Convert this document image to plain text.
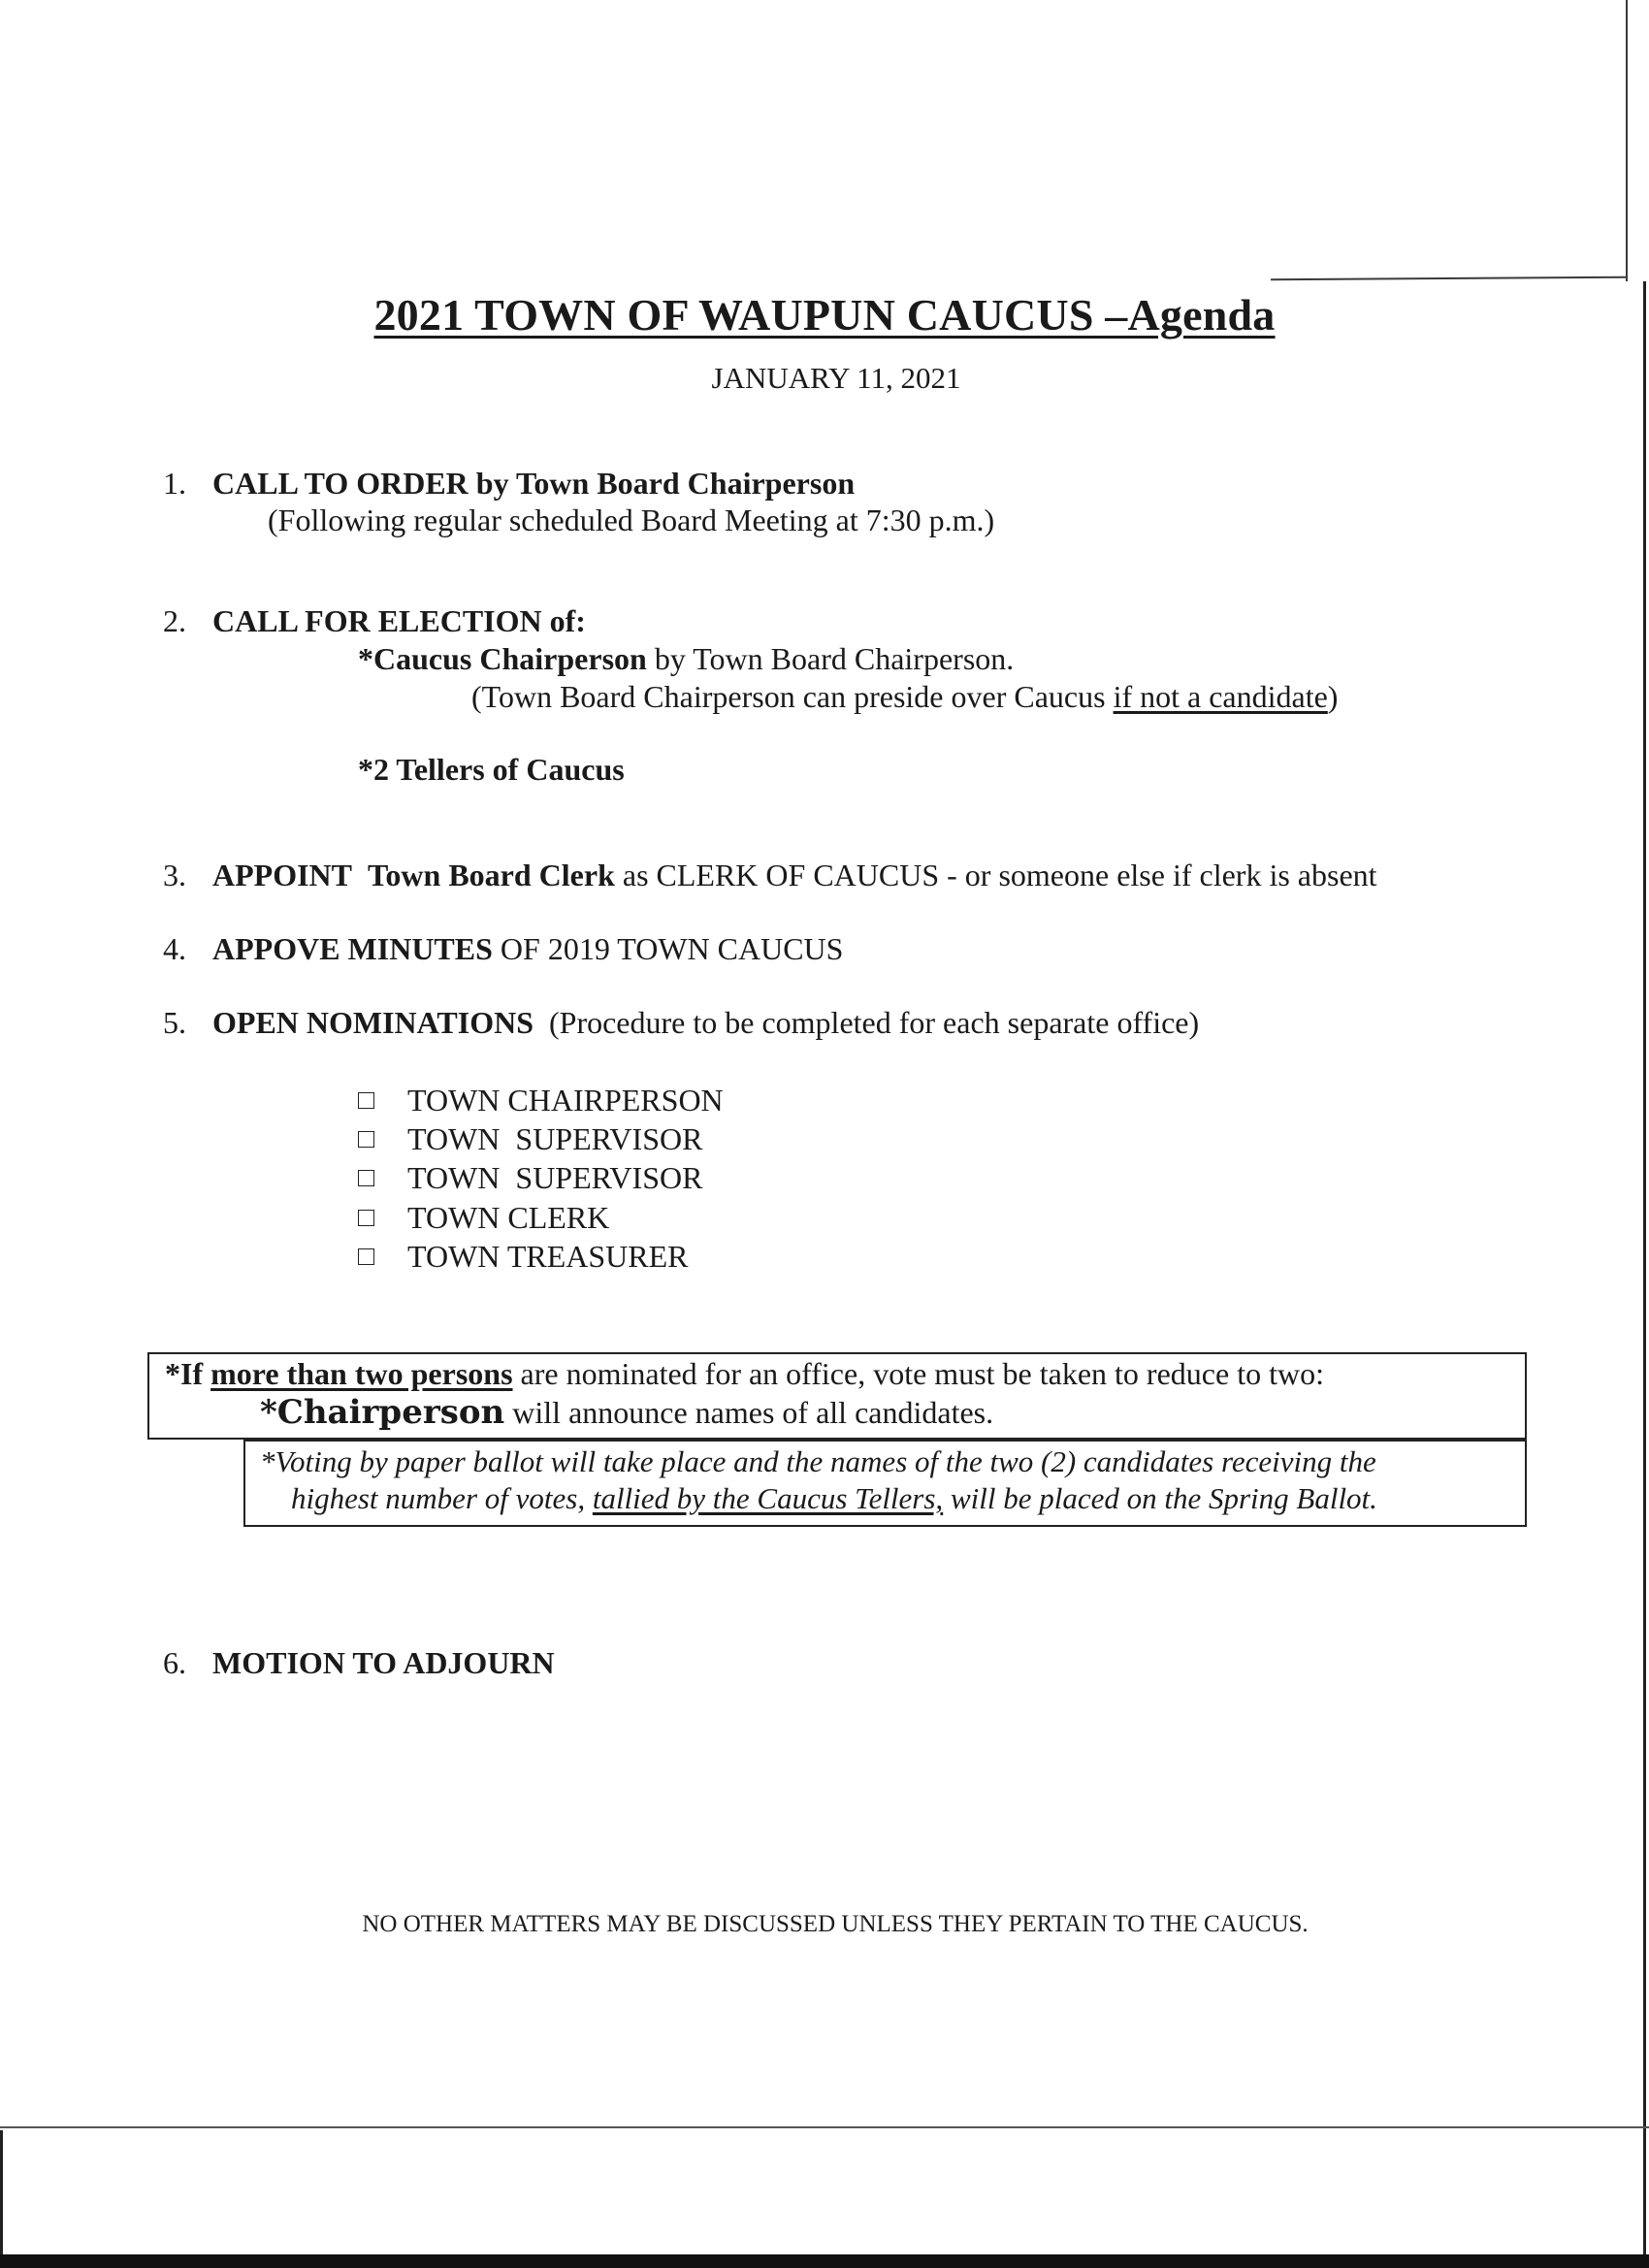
2021 TOWN OF WAUPUN CAUCUS –Agenda
JANUARY 11, 2021
1. CALL TO ORDER by Town Board Chairperson
(Following regular scheduled Board Meeting at 7:30 p.m.)
2. CALL FOR ELECTION of:
*Caucus Chairperson by Town Board Chairperson.
(Town Board Chairperson can preside over Caucus if not a candidate)
*2 Tellers of Caucus
3. APPOINT Town Board Clerk as CLERK OF CAUCUS - or someone else if clerk is absent
4. APPOVE MINUTES OF 2019 TOWN CAUCUS
5. OPEN NOMINATIONS (Procedure to be completed for each separate office)
TOWN CHAIRPERSON
TOWN  SUPERVISOR
TOWN  SUPERVISOR
TOWN CLERK
TOWN TREASURER
*If more than two persons are nominated for an office, vote must be taken to reduce to two:
*Chairperson will announce names of all candidates.
*Voting by paper ballot will take place and the names of the two (2) candidates receiving the
highest number of votes, tallied by the Caucus Tellers, will be placed on the Spring Ballot.
6. MOTION TO ADJOURN
NO OTHER MATTERS MAY BE DISCUSSED UNLESS THEY PERTAIN TO THE CAUCUS.
